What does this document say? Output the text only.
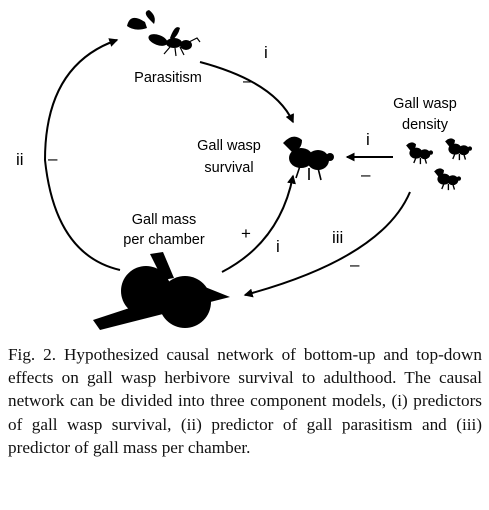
i
–
i
–
+
i
ii –
iii
–
Parasitism
Gall wasp
survival
Gall wasp
density
Gall mass
per chamber

Fig. 2. Hypothesized causal network of bottom-up and top-down effects on gall wasp herbivore survival to adulthood. The causal network can be divided into three component models, (i) predictors of gall wasp survival, (ii) predictor of gall parasitism and (iii) predictor of gall mass per chamber.
